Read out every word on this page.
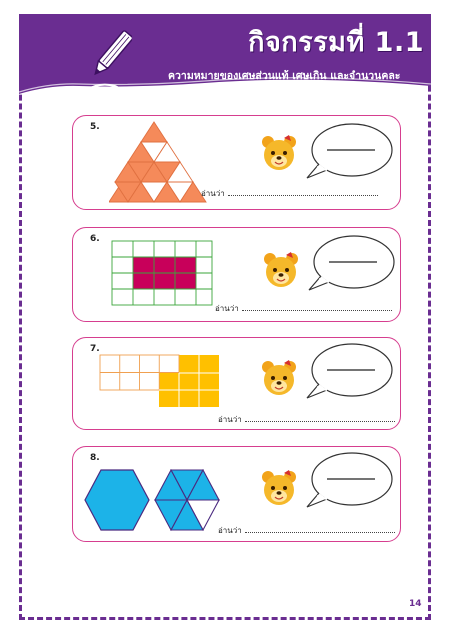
กิจกรรมที่ 1.1
ความหมายของเศษส่วนแท้ เศษเกิน และจำนวนคละ
5.
อ่านว่า
6.
อ่านว่า
7.
อ่านว่า
8.
อ่านว่า
14
